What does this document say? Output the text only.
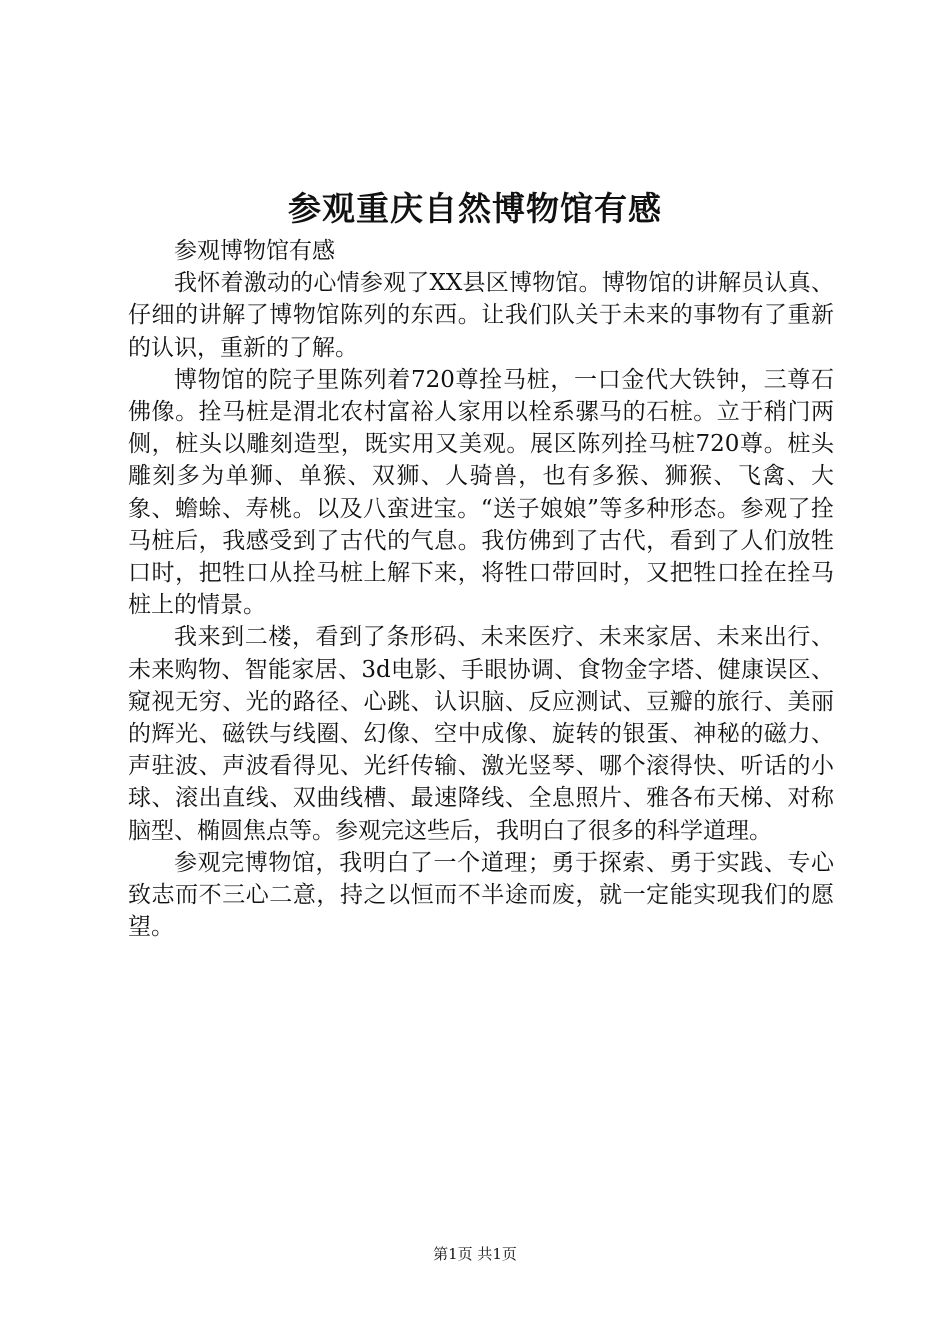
参观重庆自然博物馆有感

参观博物馆有感

我怀着激动的心情参观了XX县区博物馆。博物馆的讲解员认真、仔细的讲解了博物馆陈列的东西。让我们队关于未来的事物有了重新的认识，重新的了解。

博物馆的院子里陈列着720尊拴马桩，一口金代大铁钟，三尊石佛像。拴马桩是渭北农村富裕人家用以栓系骡马的石桩。立于稍门两侧，桩头以雕刻造型，既实用又美观。展区陈列拴马桩720尊。桩头雕刻多为单狮、单猴、双狮、人骑兽，也有多猴、狮猴、飞禽、大象、蟾蜍、寿桃。以及八蛮进宝。“送子娘娘”等多种形态。参观了拴马桩后，我感受到了古代的气息。我仿佛到了古代，看到了人们放牲口时，把牲口从拴马桩上解下来，将牲口带回时，又把牲口拴在拴马桩上的情景。

我来到二楼，看到了条形码、未来医疗、未来家居、未来出行、未来购物、智能家居、3d电影、手眼协调、食物金字塔、健康误区、窥视无穷、光的路径、心跳、认识脑、反应测试、豆瓣的旅行、美丽的辉光、磁铁与线圈、幻像、空中成像、旋转的银蛋、神秘的磁力、声驻波、声波看得见、光纤传输、激光竖琴、哪个滚得快、听话的小球、滚出直线、双曲线槽、最速降线、全息照片、雅各布天梯、对称脑型、椭圆焦点等。参观完这些后，我明白了很多的科学道理。

参观完博物馆，我明白了一个道理；勇于探索、勇于实践、专心致志而不三心二意，持之以恒而不半途而废，就一定能实现我们的愿望。

第1页 共1页
